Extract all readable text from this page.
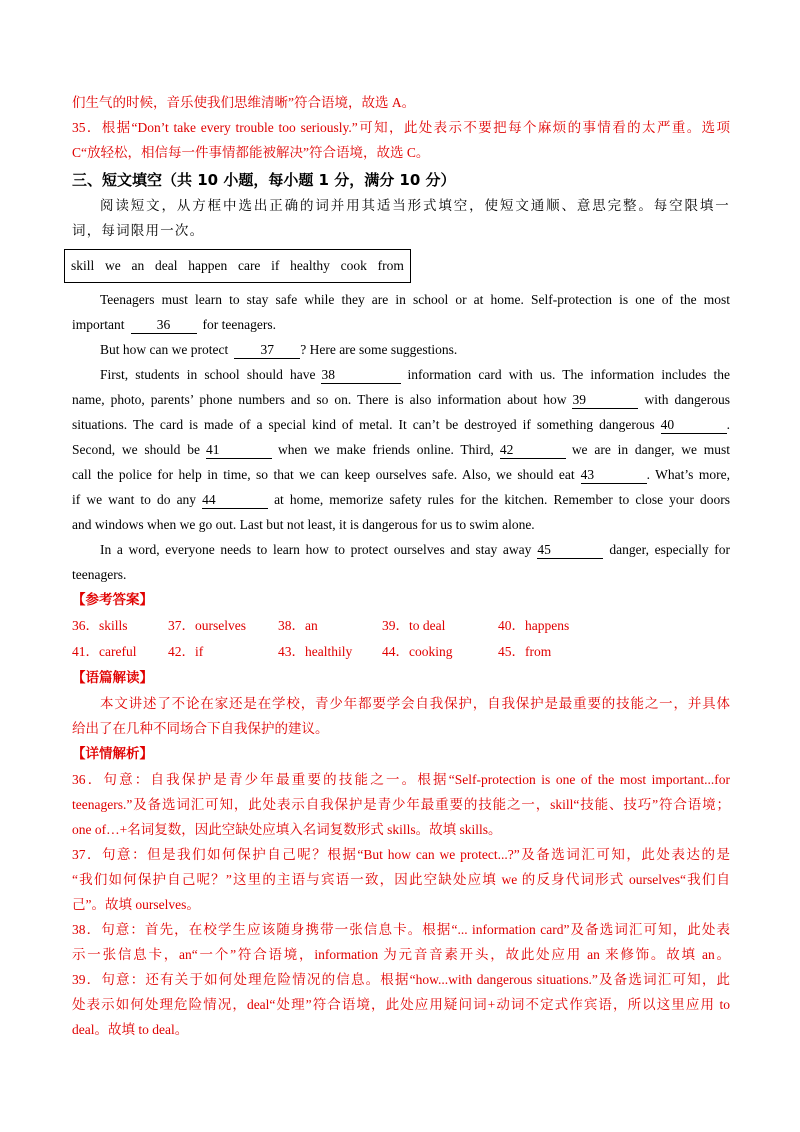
们生气的时候，音乐使我们思维清晰”符合语境，故选 A。
35．根据“Don’t take every trouble too seriously.”可知，此处表示不要把每个麻烦的事情看的太严重。选项
C“放轻松，相信每一件事情都能被解决”符合语境，故选 C。
三、短文填空（共 10 小题，每小题 1 分，满分 10 分）
阅读短文，从方框中选出正确的词并用其适当形式填空，使短文通顺、意思完整。每空限填一
词，每词限用一次。
skill  we  an  deal  happen  care  if  healthy  cook  from
Teenagers must learn to stay safe while they are in school or at home. Self-protection is one of the most
important 36 for teenagers.
But how can we protect 37 ? Here are some suggestions.
First, students in school should have 38	information card with us. The information includes the
name, photo, parents’ phone numbers and so on. There is also information about how 39	with dangerous
situations. The card is made of a special kind of metal. It can’t be destroyed if something dangerous 40	.
Second, we should be 41	when we make friends online. Third, 42	we are in danger, we must
call the police for help in time, so that we can keep ourselves safe. Also, we should eat 43	. What’s more,
if we want to do any 44	at home, memorize safety rules for the kitchen. Remember to close your doors
and windows when we go out. Last but not least, it is dangerous for us to swim alone.
In a word, everyone needs to learn how to protect ourselves and stay away 45	danger, especially for
teenagers.
【参考答案】
36．skills	37．ourselves	38．an	39．to deal	40．happens
41．careful	42．if	43．healthily	44．cooking	45．from
【语篇解读】
本文讲述了不论在家还是在学校，青少年都要学会自我保护，自我保护是最重要的技能之一，并具体
给出了在几种不同场合下自我保护的建议。
【详情解析】
36．句意：自我保护是青少年最重要的技能之一。根据“Self-protection is one of the most important...for
teenagers.”及备选词汇可知，此处表示自我保护是青少年最重要的技能之一，skill“技能、技巧”符合语境；
one of…+名词复数，因此空缺处应填入名词复数形式 skills。故填 skills。
37．句意：但是我们如何保护自己呢？根据“But how can we protect...?”及备选词汇可知，此处表达的是
“我们如何保护自己呢？”这里的主语与宾语一致，因此空缺处应填 we 的反身代词形式 ourselves“我们自
己”。故填 ourselves。
38．句意：首先，在校学生应该随身携带一张信息卡。根据“... information card”及备选词汇可知，此处表
示一张信息卡，an“一个”符合语境，information 为元音音素开头，故此处应用 an 来修饰。故填 an。
39．句意：还有关于如何处理危险情况的信息。根据“how...with dangerous situations.”及备选词汇可知，此
处表示如何处理危险情况，deal“处理”符合语境，此处应用疑问词+动词不定式作宾语，所以这里应用 to
deal。故填 to deal。
